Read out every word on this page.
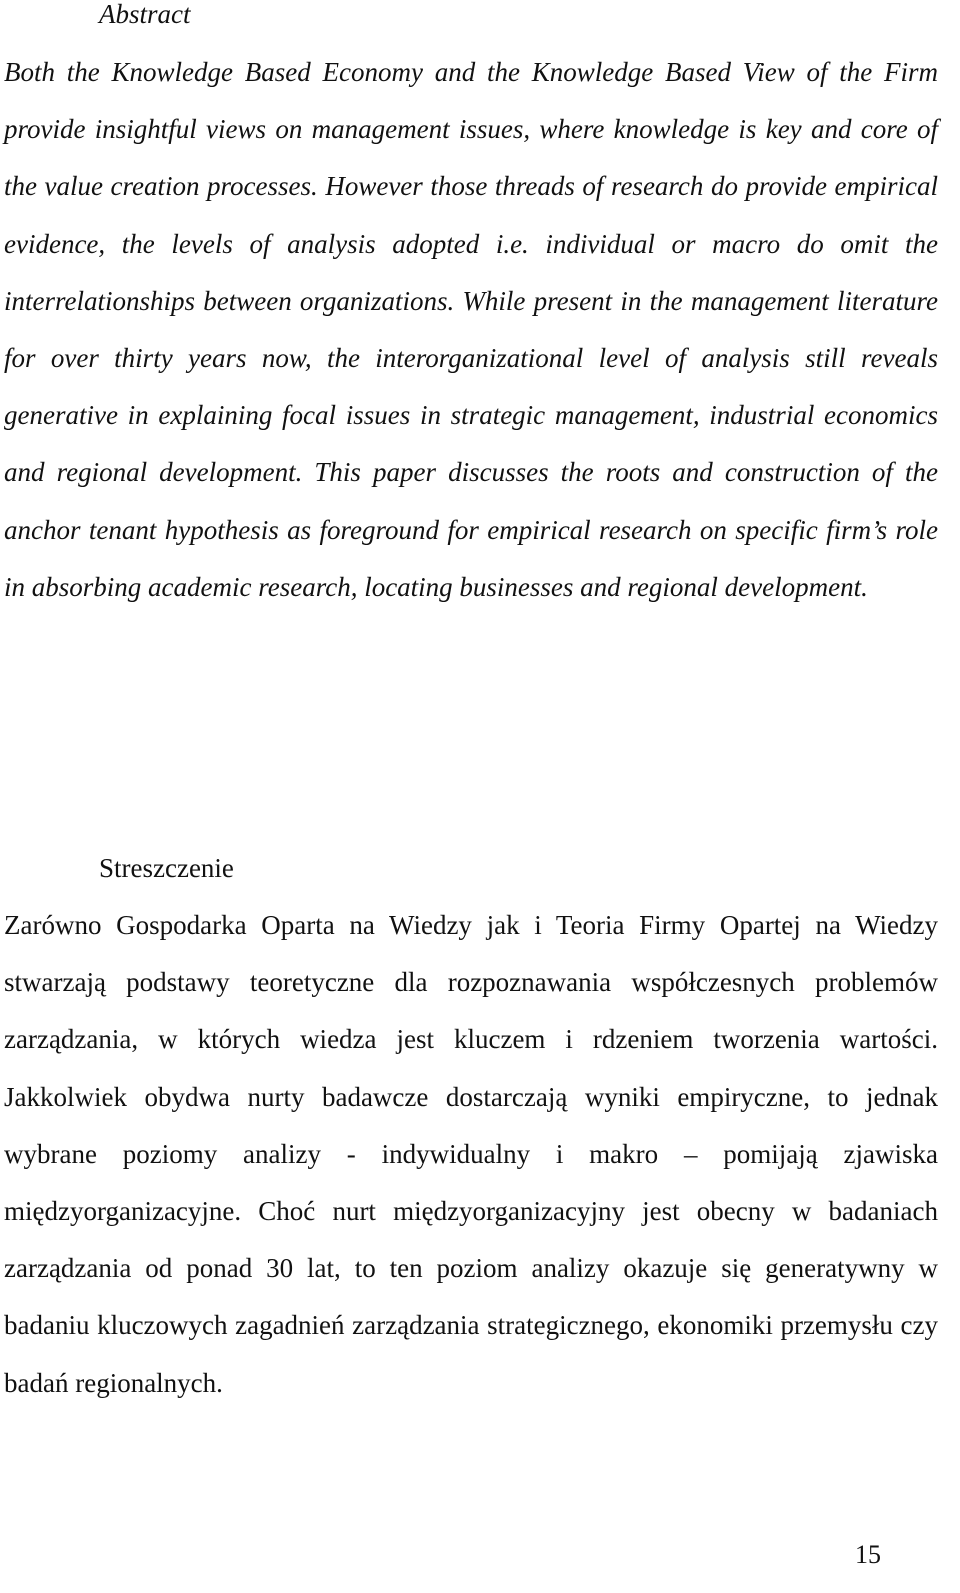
Abstract

Both the Knowledge Based Economy and the Knowledge Based View of the Firm provide insightful views on management issues, where knowledge is key and core of the value creation processes. However those threads of research do provide empirical evidence, the levels of analysis adopted i.e. individual or macro do omit the interrelationships between organizations. While present in the management literature for over thirty years now, the interorganizational level of analysis still reveals generative in explaining focal issues in strategic management, industrial economics and regional development. This paper discusses the roots and construction of the anchor tenant hypothesis as foreground for empirical research on specific firm’s role in absorbing academic research, locating businesses and regional development.

Streszczenie

Zarówno Gospodarka Oparta na Wiedzy jak i Teoria Firmy Opartej na Wiedzy stwarzają podstawy teoretyczne dla rozpoznawania współczesnych problemów zarządzania, w których wiedza jest kluczem i rdzeniem tworzenia wartości. Jakkolwiek obydwa nurty badawcze dostarczają wyniki empiryczne, to jednak wybrane poziomy analizy - indywidualny i makro – pomijają zjawiska międzyorganizacyjne. Choć nurt międzyorganizacyjny jest obecny w badaniach zarządzania od ponad 30 lat, to ten poziom analizy okazuje się generatywny w badaniu kluczowych zagadnień zarządzania strategicznego, ekonomiki przemysłu czy badań regionalnych.

15
